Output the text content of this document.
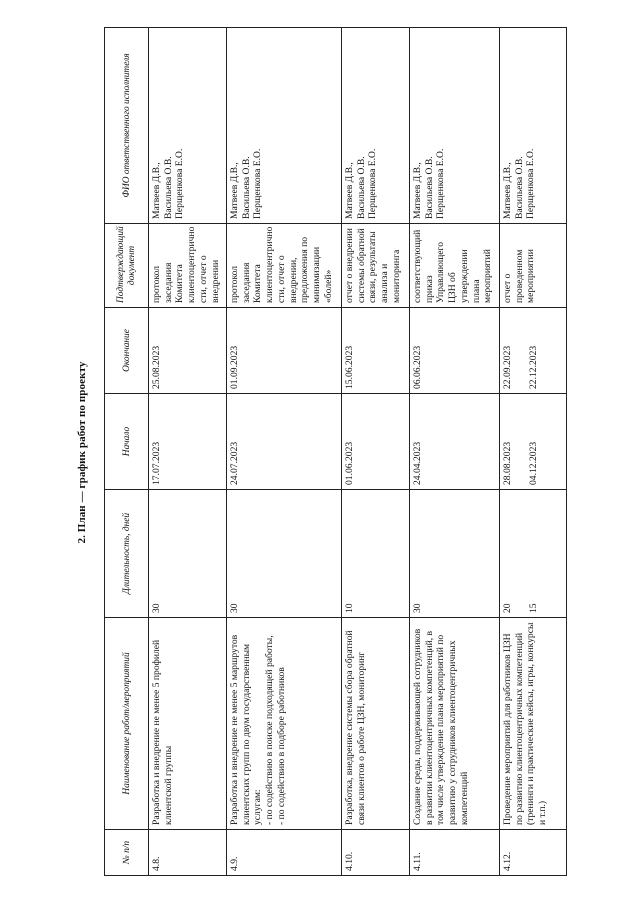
2. План — график работ по проекту
№ п/п	Наименование работ/мероприятий	Длительность, дней	Начало	Окончание	Подтверждающий документ	ФИО ответственного исполнителя
4.8.	Разработка и внедрение не менее 5 профилей клиентской группы	30	17.07.2023	25.08.2023	протокол заседания Комитета клиентоцентрично сти, отчет о внедрении	Матвеев Д.В., Васильева О.В. Перщенкова Е.О.

4.9.	Разработка и внедрение не менее 5 маршрутов клиентских групп по двум государственным услугам:
- по содействию в поиске подходящей работы,
- по содействию в подборе работников	30	24.07.2023	01.09.2023	протокол заседания Комитета клиентоцентрично сти, отчет о внедрении, предложения по минимизации «болей»	Матвеев Д.В., Васильева О.В. Перщенкова Е.О.

4.10.	Разработка, внедрение системы сбора обратной связи клиентов о работе ЦЗН, мониторинг	10	01.06.2023	15.06.2023	отчет о внедрении системы обратной связи, результаты анализа и мониторинга	Матвеев Д.В., Васильева О.В. Перщенкова Е.О.

4.11.	Создание среды, поддерживающей сотрудников в развитии клиентоцентричных компетенций, в том числе утверждение плана мероприятий по развитию у сотрудников клиентоцентричных компетенций	30	24.04.2023	06.06.2023	соответствующий приказ Управляющего ЦЗН об утверждении плана мероприятий	Матвеев Д.В., Васильева О.В. Перщенкова Е.О.

4.12.	Проведение мероприятий для работников ЦЗН по развитию клиентоцентричных компетенций (тренинги и практические кейсы, игры, конкурсы и т.п.)	20 15	28.08.2023 04.12.2023	22.09.2023 22.12.2023	отчет о проведенном мероприятии	Матвеев Д.В., Васильева О.В. Перщенкова Е.О.
